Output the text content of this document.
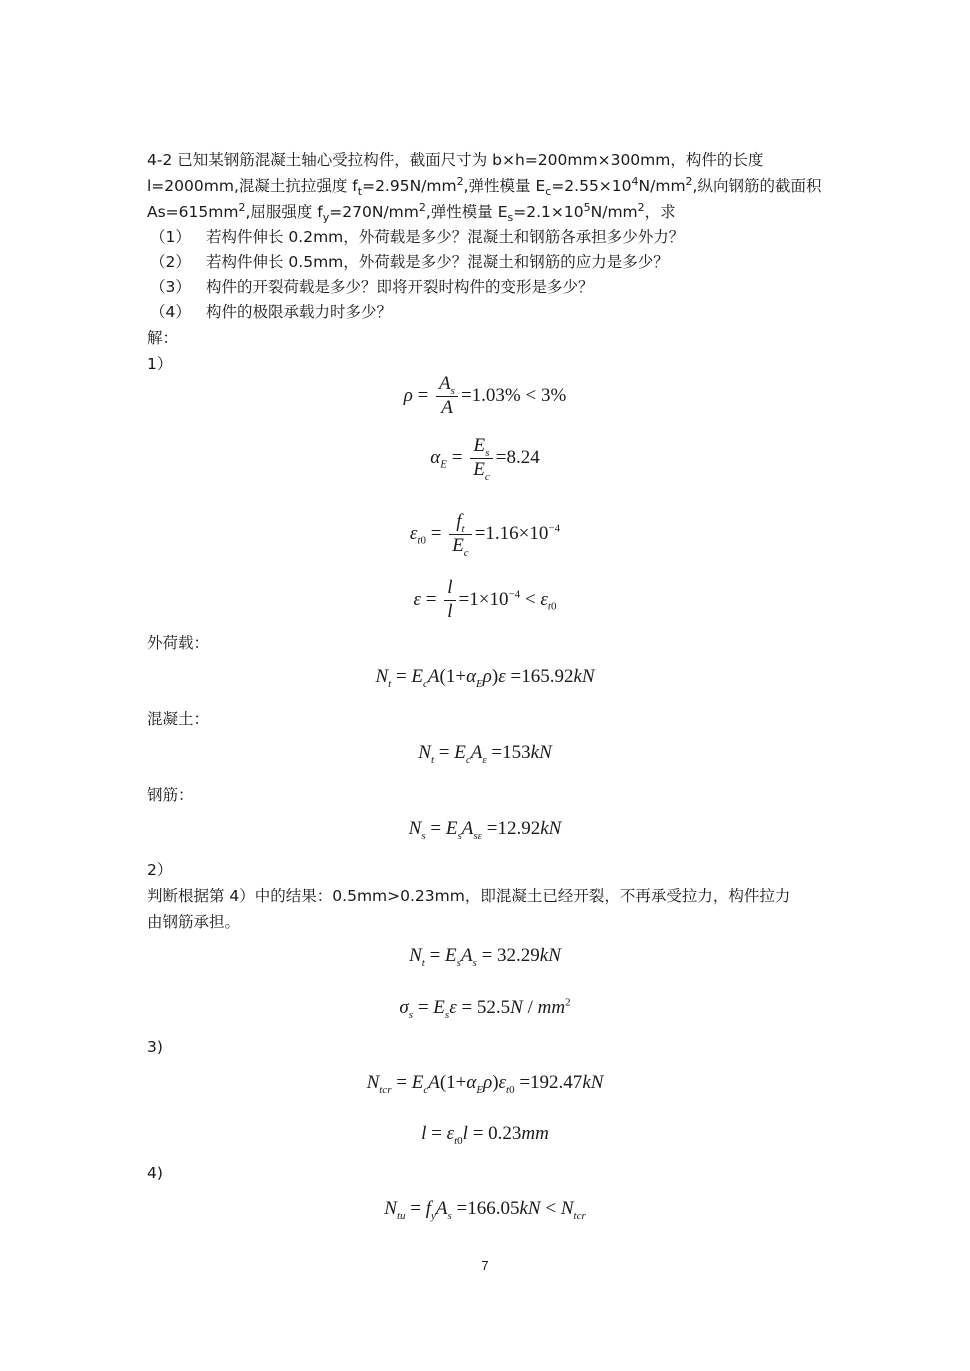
4-2 已知某钢筋混凝土轴心受拉构件，截面尺寸为 b×h=200mm×300mm，构件的长度
l=2000mm,混凝土抗拉强度 $f_t=2.95N/mm^2$,弹性模量 $E_c=2.55\times 10^4N/mm^2$,纵向钢筋的截面积
$As=615mm^2$,屈服强度 $f_y=270N/mm^2$,弹性模量 $E_s=2.1\times 10^5N/mm^2$，求
（1） 若构件伸长 0.2mm，外荷载是多少？混凝土和钢筋各承担多少外力？
（2） 若构件伸长 0.5mm，外荷载是多少？混凝土和钢筋的应力是多少？
（3） 构件的开裂荷载是多少？即将开裂时构件的变形是多少？
（4） 构件的极限承载力时多少？
解：
1）
$\rho = \frac{A_s}{A} =1.03\% < 3\%$
$\alpha_E = \frac{E_s}{E_c} =8.24$
$\varepsilon_{t0} = \frac{f_t}{E_c} =1.16\times 10^{-4}$
$\varepsilon = \frac{l}{l} =1\times 10^{-4} < \varepsilon_{t0}$
外荷载：
$N_t = E_cA(1+\alpha_E\rho)\varepsilon =165.92kN$
混凝土：
$N_t = E_cA_\varepsilon =153kN$
钢筋：
$N_s = E_sA_{s\varepsilon} =12.92kN$
2）
判断根据第 4）中的结果：0.5mm>0.23mm，即混凝土已经开裂，不再承受拉力，构件拉力
由钢筋承担。
$N_t = E_sA_s = 32.29kN$
$\sigma_s = E_s\varepsilon = 52.5N / mm^2$
3)
$N_{tcr} = E_cA(1+\alpha_E\rho)\varepsilon_{t0} =192.47kN$
$l = \varepsilon_{t0}l = 0.23mm$
4)
$N_{tu} = f_yA_s =166.05kN < N_{tcr}$
7
